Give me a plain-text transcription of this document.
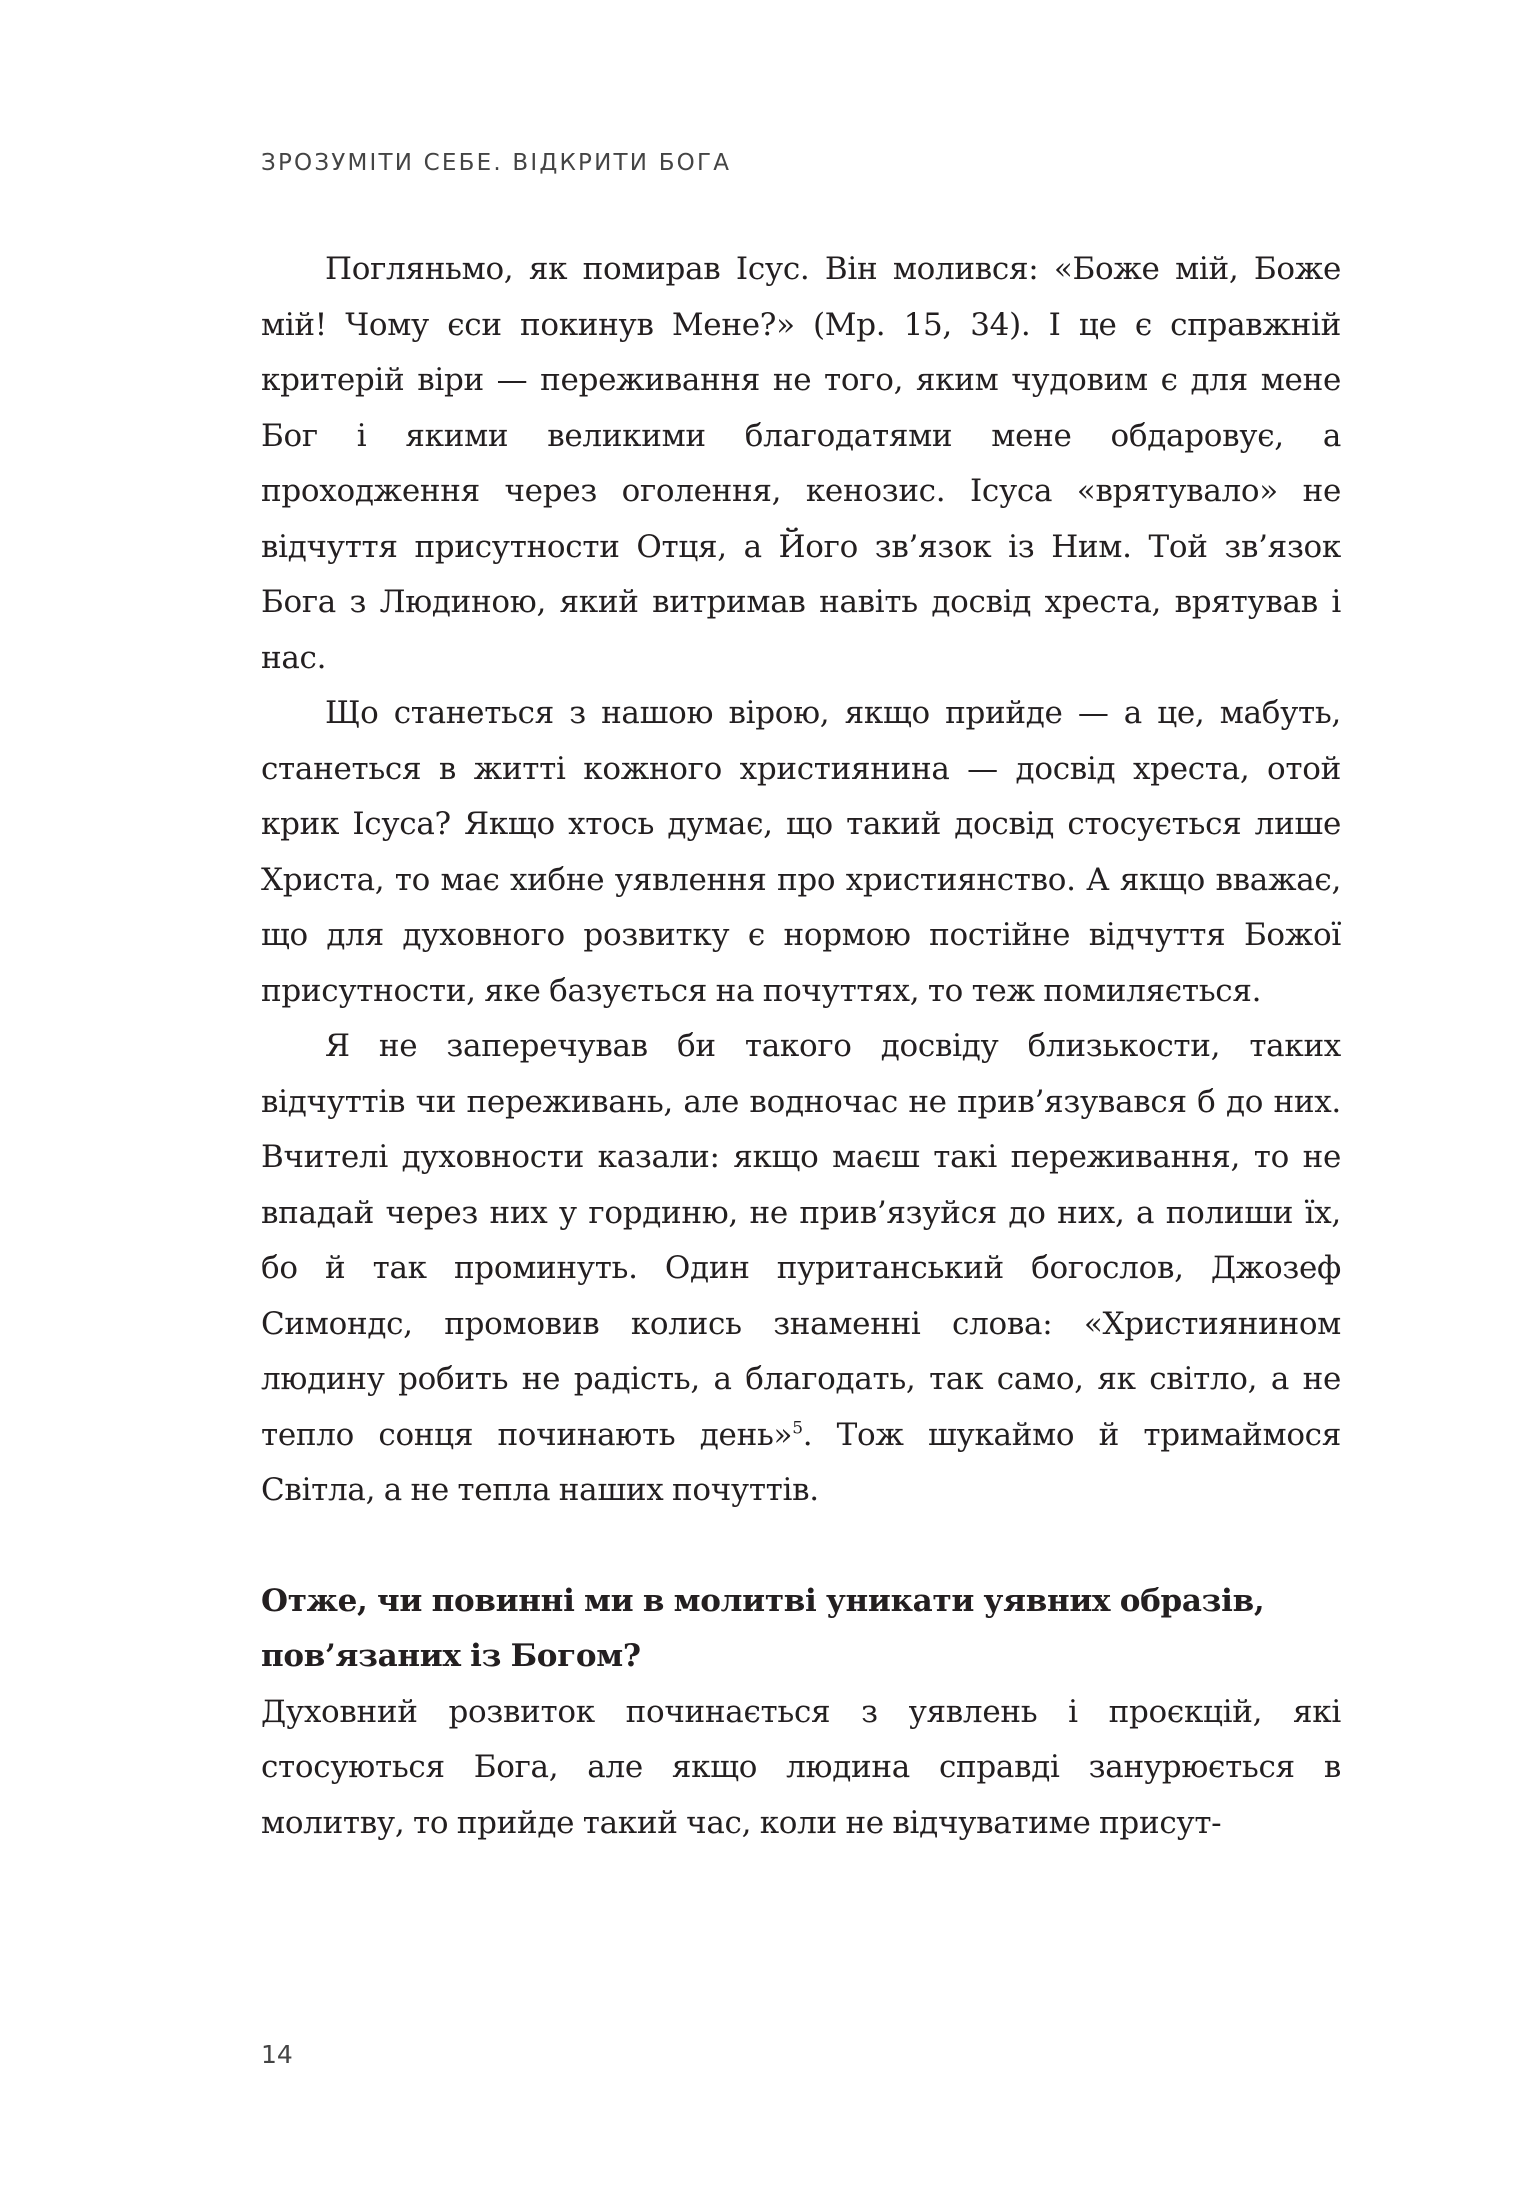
ЗРОЗУМІТИ СЕБЕ. ВІДКРИТИ БОГА

Погляньмо, як помирав Ісус. Він молився: «Боже мій, Боже мій! Чому єси покинув Мене?» (Мр. 15, 34). І це є справжній критерій віри — переживання не того, яким чудовим є для мене Бог і якими великими благодатями мене обдаровує, а проходження через оголення, кенозис. Ісуса «врятувало» не відчуття присутности Отця, а Його зв’язок із Ним. Той зв’язок Бога з Людиною, який витримав навіть досвід хреста, врятував і нас.

Що станеться з нашою вірою, якщо прийде — а це, мабуть, станеться в житті кожного християнина — досвід хреста, отой крик Ісуса? Якщо хтось думає, що такий досвід стосується лише Христа, то має хибне уявлення про християнство. А якщо вважає, що для духовного розвитку є нормою постійне відчуття Божої присутности, яке базується на почуттях, то теж помиляється.

Я не заперечував би такого досвіду близькости, таких відчуттів чи переживань, але водночас не прив’язувався б до них. Вчителі духовности казали: якщо маєш такі переживання, то не впадай через них у гординю, не прив’язуйся до них, а полиши їх, бо й так проминуть. Один пуританський богослов, Джозеф Симондс, промовив колись знаменні слова: «Християнином людину робить не радість, а благодать, так само, як світло, а не тепло сонця починають день»$^5$. Тож шукаймо й тримаймося Світла, а не тепла наших почуттів.

Отже, чи повинні ми в молитві уникати уявних образів, пов’язаних із Богом?

Духовний розвиток починається з уявлень і проєкцій, які стосуються Бога, але якщо людина справді занурюється в молитву, то прийде такий час, коли не відчуватиме присут-

14
